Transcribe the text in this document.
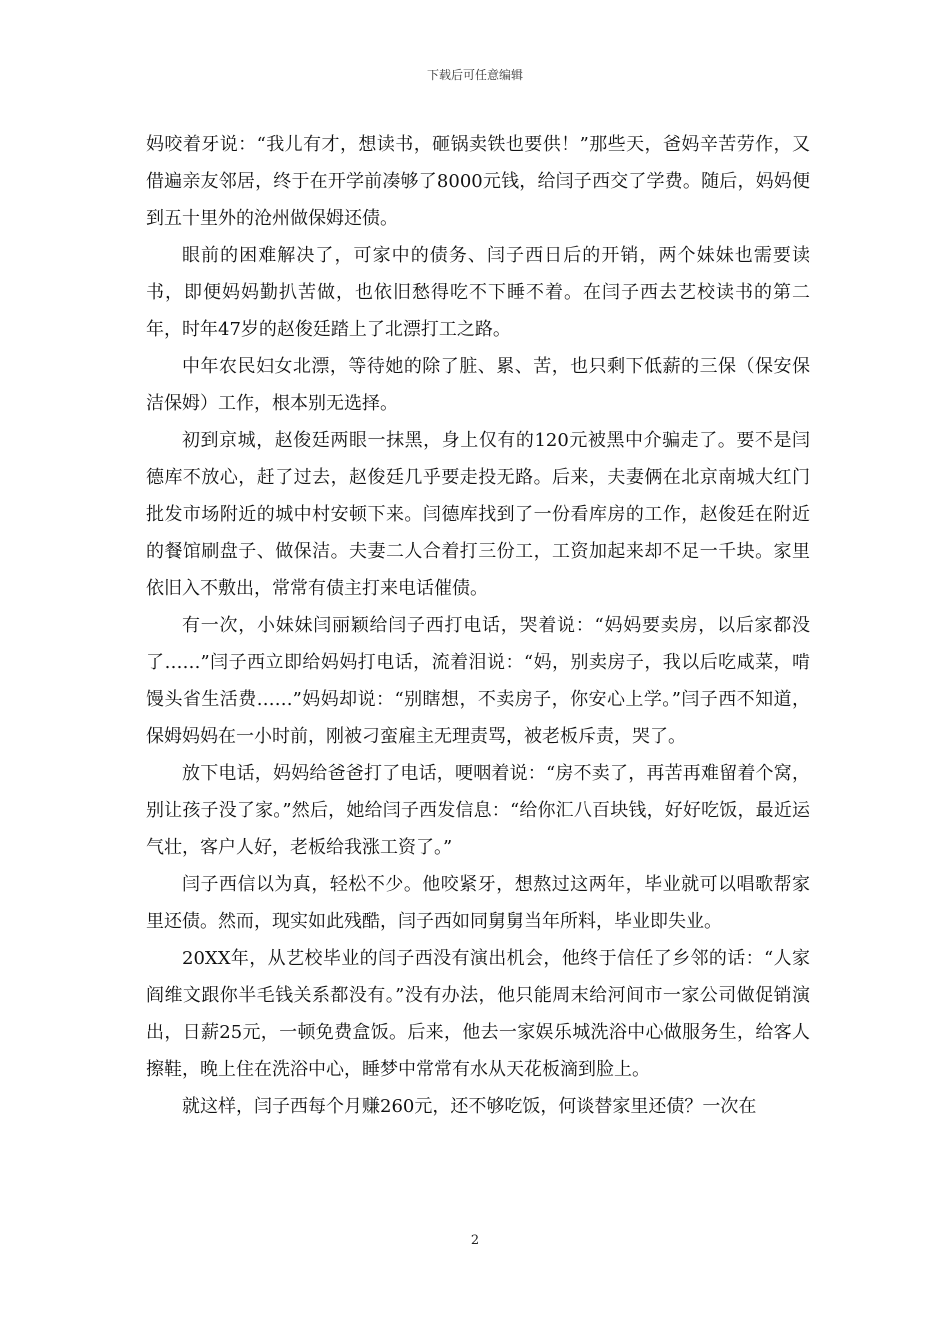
下载后可任意编辑

妈咬着牙说：“我儿有才，想读书，砸锅卖铁也要供！”那些天，爸妈辛苦劳作，又借遍亲友邻居，终于在开学前凑够了8000元钱，给闫子西交了学费。随后，妈妈便到五十里外的沧州做保姆还债。

眼前的困难解决了，可家中的债务、闫子西日后的开销，两个妹妹也需要读书，即便妈妈勤扒苦做，也依旧愁得吃不下睡不着。在闫子西去艺校读书的第二年，时年47岁的赵俊廷踏上了北漂打工之路。

中年农民妇女北漂，等待她的除了脏、累、苦，也只剩下低薪的三保（保安保洁保姆）工作，根本别无选择。

初到京城，赵俊廷两眼一抹黑，身上仅有的120元被黑中介骗走了。要不是闫德库不放心，赶了过去，赵俊廷几乎要走投无路。后来，夫妻俩在北京南城大红门批发市场附近的城中村安顿下来。闫德库找到了一份看库房的工作，赵俊廷在附近的餐馆刷盘子、做保洁。夫妻二人合着打三份工，工资加起来却不足一千块。家里依旧入不敷出，常常有债主打来电话催债。

有一次，小妹妹闫丽颖给闫子西打电话，哭着说：“妈妈要卖房，以后家都没了……”闫子西立即给妈妈打电话，流着泪说：“妈，别卖房子，我以后吃咸菜，啃馒头省生活费……”妈妈却说：“别瞎想，不卖房子，你安心上学。”闫子西不知道，保姆妈妈在一小时前，刚被刁蛮雇主无理责骂，被老板斥责，哭了。

放下电话，妈妈给爸爸打了电话，哽咽着说：“房不卖了，再苦再难留着个窝，别让孩子没了家。”然后，她给闫子西发信息：“给你汇八百块钱，好好吃饭，最近运气壮，客户人好，老板给我涨工资了。”

闫子西信以为真，轻松不少。他咬紧牙，想熬过这两年，毕业就可以唱歌帮家里还债。然而，现实如此残酷，闫子西如同舅舅当年所料，毕业即失业。

20XX年，从艺校毕业的闫子西没有演出机会，他终于信任了乡邻的话：“人家阎维文跟你半毛钱关系都没有。”没有办法，他只能周末给河间市一家公司做促销演出，日薪25元，一顿免费盒饭。后来，他去一家娱乐城洗浴中心做服务生，给客人擦鞋，晚上住在洗浴中心，睡梦中常常有水从天花板滴到脸上。

就这样，闫子西每个月赚260元，还不够吃饭，何谈替家里还债？一次在

2
